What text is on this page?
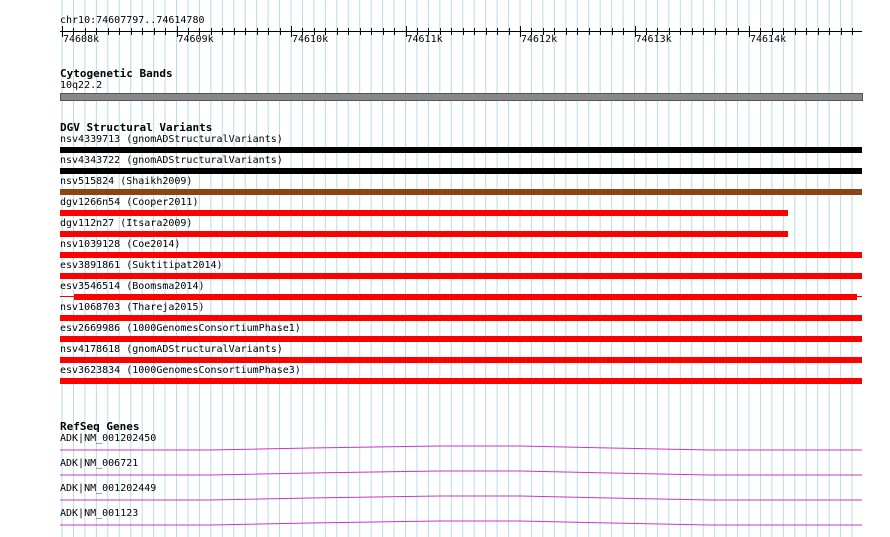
chr10:74607797..74614780
74608k	74609k	74610k	74611k	74612k	74613k	74614k
Cytogenetic Bands
10q22.2
DGV Structural Variants
nsv4339713 (gnomADStructuralVariants)
nsv4343722 (gnomADStructuralVariants)
nsv515824 (Shaikh2009)
dgv1266n54 (Cooper2011)
dgv112n27 (Itsara2009)
nsv1039128 (Coe2014)
esv3891861 (Suktitipat2014)
esv3546514 (Boomsma2014)
nsv1068703 (Thareja2015)
esv2669986 (1000GenomesConsortiumPhase1)
nsv4178618 (gnomADStructuralVariants)
esv3623834 (1000GenomesConsortiumPhase3)
RefSeq Genes
ADK|NM_001202450
ADK|NM_006721
ADK|NM_001202449
ADK|NM_001123
